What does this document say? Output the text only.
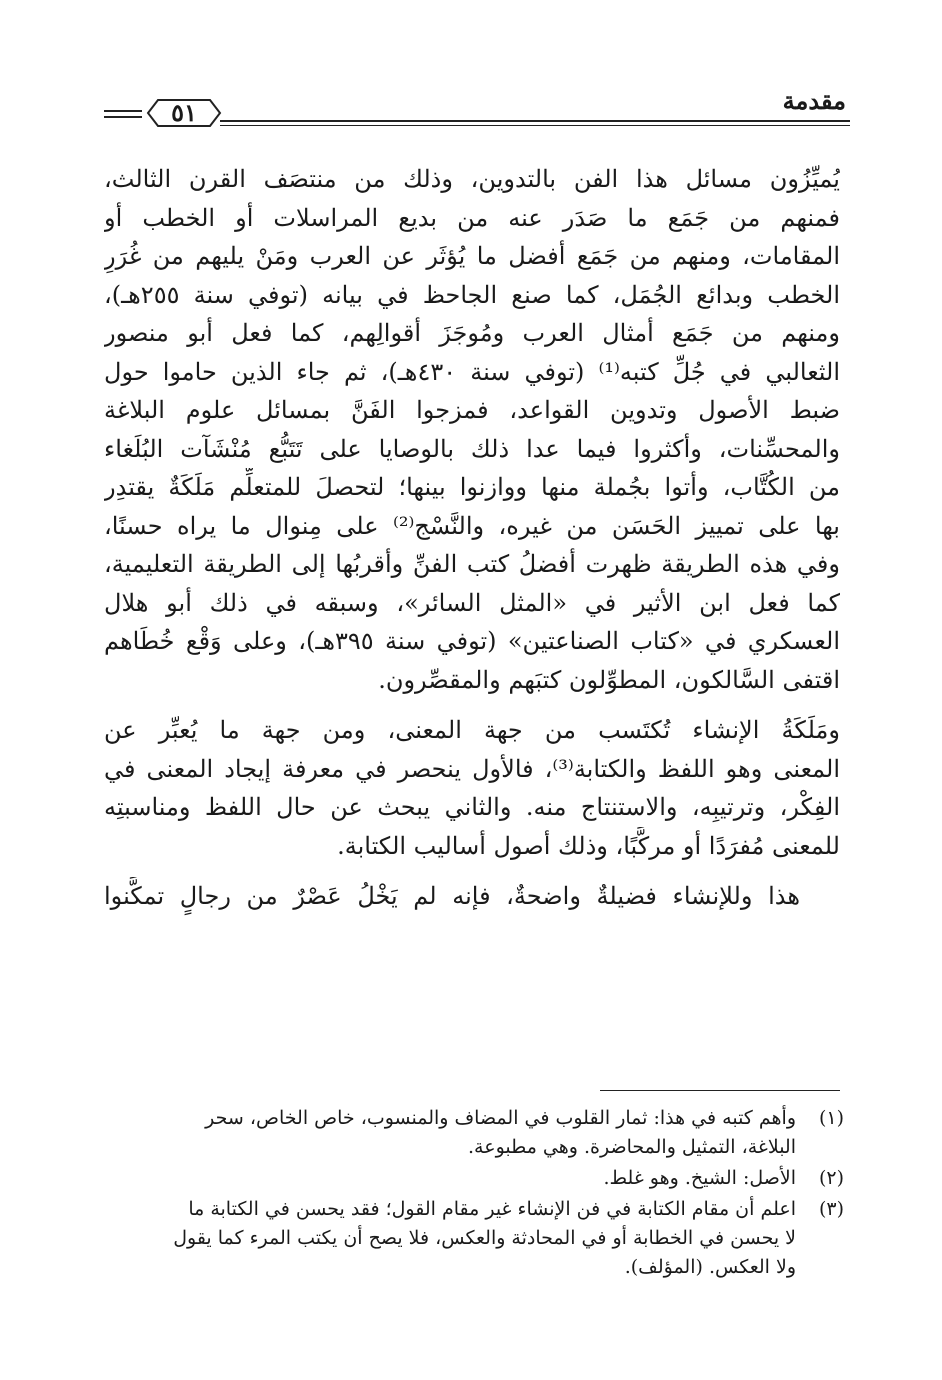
٥١	مقدمة

يُميِّزُون مسائل هذا الفن بالتدوين، وذلك من منتصَف القرن الثالث،
فمنهم من جَمَع ما صَدَر عنه من بديع المراسلات أو الخطب أو
المقامات، ومنهم من جَمَع أفضل ما يُؤثَر عن العرب ومَنْ يليهم من غُرَرِ
الخطب وبدائع الجُمَل، كما صنع الجاحظ في بيانه (توفي سنة ٢٥٥هـ)،
ومنهم من جَمَع أمثال العرب ومُوجَزَ أقوالِهم، كما فعل أبو منصور
الثعالبي في جُلِّ كتبه⁽¹⁾ (توفي سنة ٤٣٠هـ)، ثم جاء الذين حاموا حول
ضبط الأصول وتدوين القواعد، فمزجوا الفَنَّ بمسائل علوم البلاغة
والمحسِّنات، وأكثروا فيما عدا ذلك بالوصايا على تَتَبُّع مُنْشَآت البُلَغاء
من الكُتَّاب، وأتوا بجُملة منها ووازنوا بينها؛ لتحصلَ للمتعلِّم مَلَكَةٌ يقتدِر
بها على تمييز الحَسَن من غيره، والنَّسْج⁽²⁾ على مِنوال ما يراه حسنًا،
وفي هذه الطريقة ظهرت أفضلُ كتب الفنِّ وأقربُها إلى الطريقة التعليمية،
كما فعل ابن الأثير في «المثل السائر»، وسبقه في ذلك أبو هلال
العسكري في «كتاب الصناعتين» (توفي سنة ٣٩٥هـ)، وعلى وَقْع خُطَاهم
اقتفى السَّالكون، المطوِّلون كتبَهم والمقصِّرون.

ومَلَكَةُ الإنشاء تُكتَسب من جهة المعنى، ومن جهة ما يُعبِّر عن
المعنى وهو اللفظ والكتابة⁽³⁾، فالأول ينحصر في معرفة إيجاد المعنى في
الفِكْر، وترتيبِه، والاستنتاج منه. والثاني يبحث عن حال اللفظ ومناسبتِه
للمعنى مُفرَدًا أو مركَّبًا، وذلك أصول أساليب الكتابة.

هذا وللإنشاء فضيلةٌ واضحةٌ، فإنه لم يَخْلُ عَصْرٌ من رجالٍ تمكَّنوا

(١)
وأهم كتبه في هذا: ثمار القلوب في المضاف والمنسوب، خاص الخاص، سحر
البلاغة، التمثيل والمحاضرة. وهي مطبوعة.
(٢)
الأصل: الشيخ. وهو غلط.
(٣)
اعلم أن مقام الكتابة في فن الإنشاء غير مقام القول؛ فقد يحسن في الكتابة ما
لا يحسن في الخطابة أو في المحادثة والعكس، فلا يصح أن يكتب المرء كما يقول
ولا العكس. (المؤلف).
